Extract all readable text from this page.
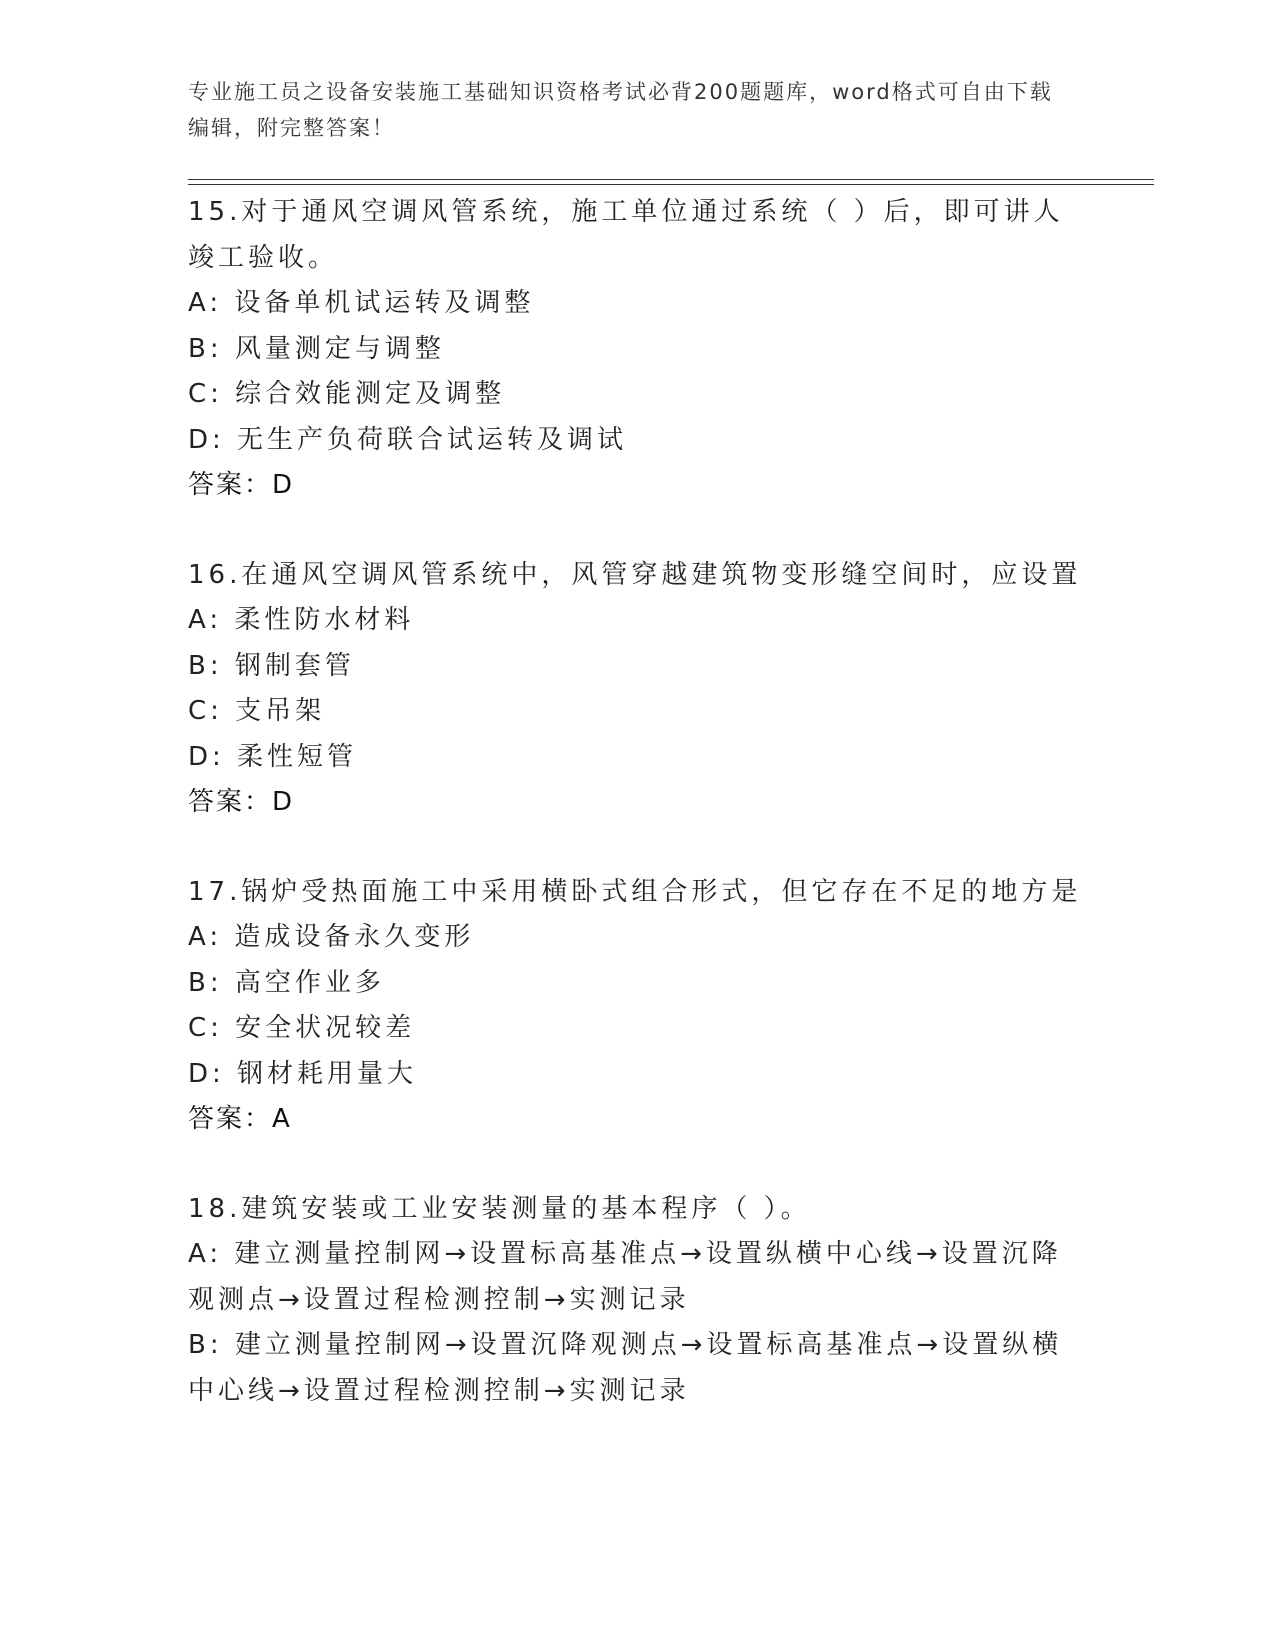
专业施工员之设备安装施工基础知识资格考试必背200题题库，word格式可自由下载编辑，附完整答案！
15.对于通风空调风管系统，施工单位通过系统（ ）后，即可讲人竣工验收。
A: 设备单机试运转及调整
B: 风量测定与调整
C: 综合效能测定及调整
D: 无生产负荷联合试运转及调试
答案：D
16.在通风空调风管系统中，风管穿越建筑物变形缝空间时，应设置
A: 柔性防水材料
B: 钢制套管
C: 支吊架
D: 柔性短管
答案：D
17.锅炉受热面施工中采用横卧式组合形式，但它存在不足的地方是
A: 造成设备永久变形
B: 高空作业多
C: 安全状况较差
D: 钢材耗用量大
答案：A
18.建筑安装或工业安装测量的基本程序（ ）。
A: 建立测量控制网→设置标高基准点→设置纵横中心线→设置沉降观测点→设置过程检测控制→实测记录
B: 建立测量控制网→设置沉降观测点→设置标高基准点→设置纵横中心线→设置过程检测控制→实测记录
